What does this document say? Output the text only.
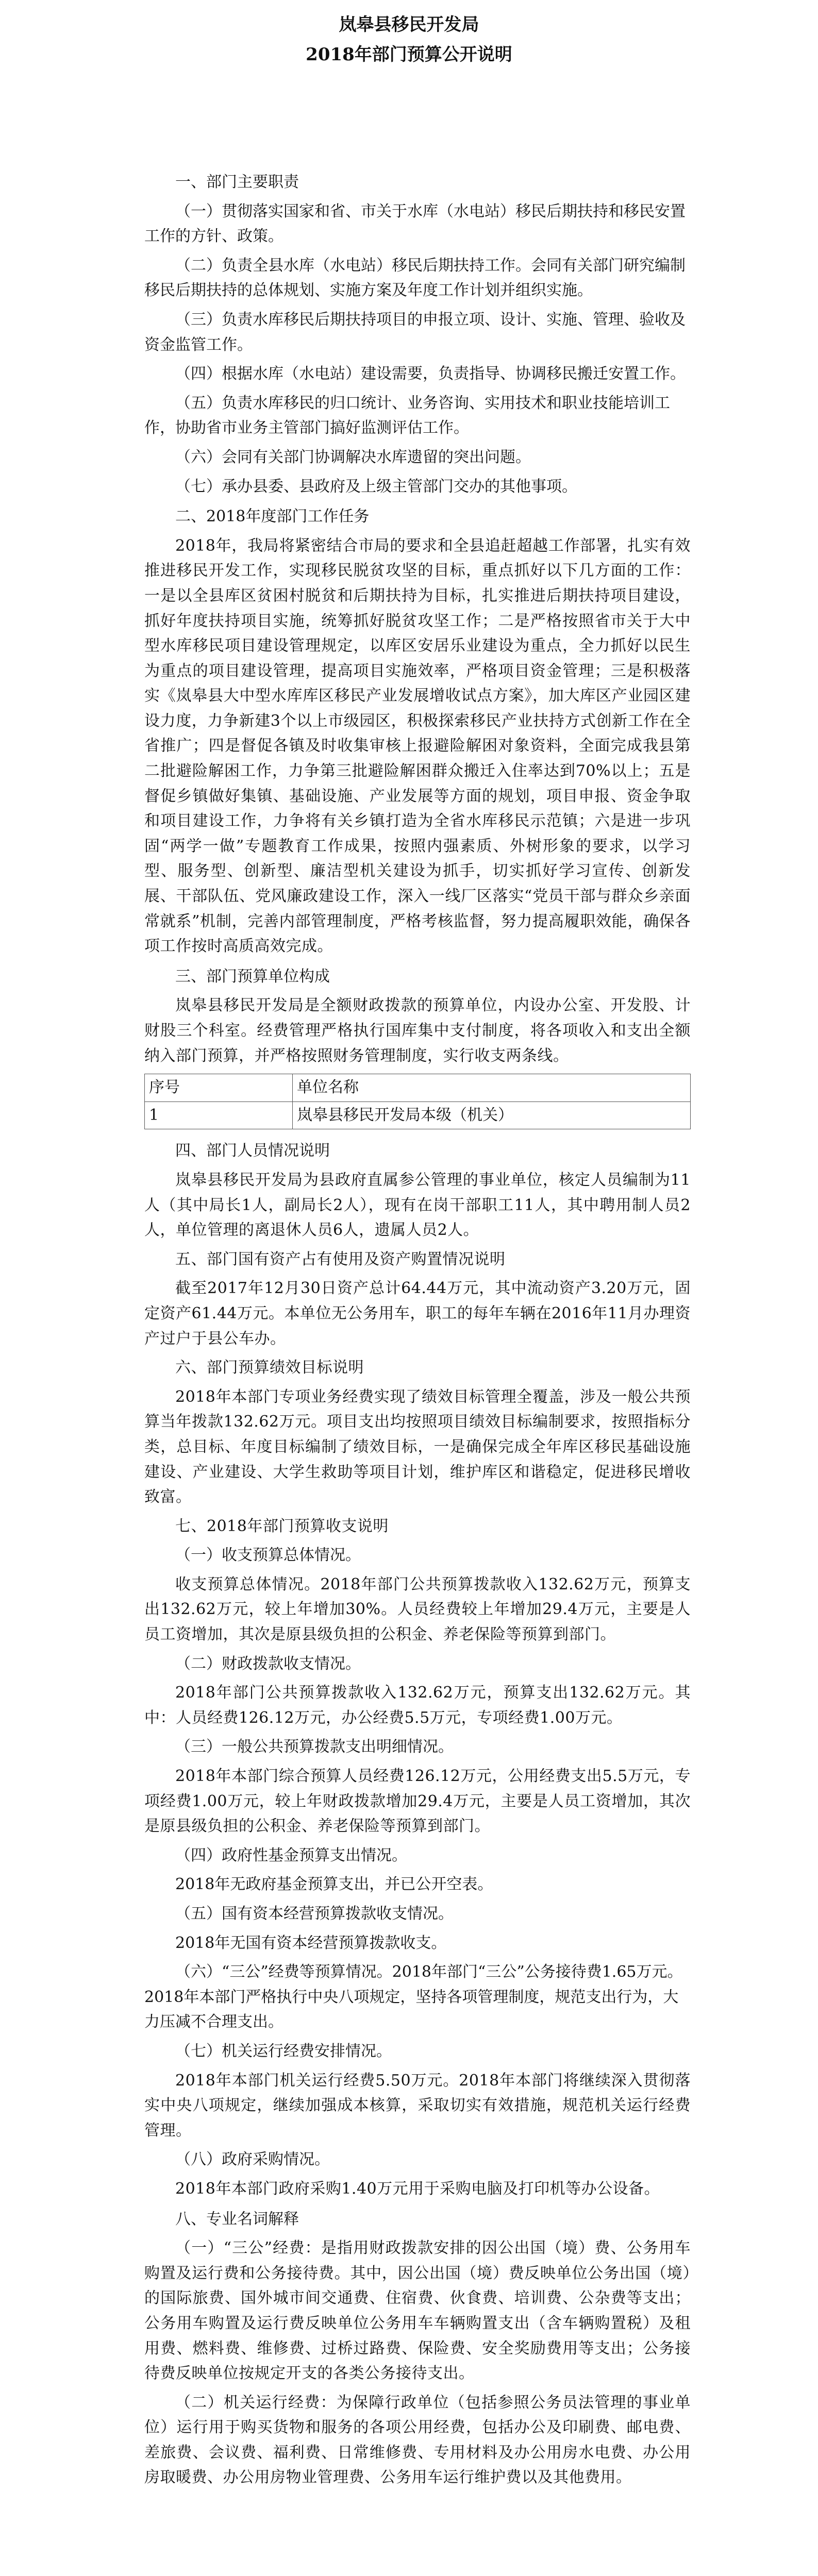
岚皋县移民开发局
2018年部门预算公开说明

一、部门主要职责

（一）贯彻落实国家和省、市关于水库（水电站）移民后期扶持和移民安置工作的方针、政策。

（二）负责全县水库（水电站）移民后期扶持工作。会同有关部门研究编制移民后期扶持的总体规划、实施方案及年度工作计划并组织实施。

（三）负责水库移民后期扶持项目的申报立项、设计、实施、管理、验收及资金监管工作。

（四）根据水库（水电站）建设需要，负责指导、协调移民搬迁安置工作。

（五）负责水库移民的归口统计、业务咨询、实用技术和职业技能培训工作，协助省市业务主管部门搞好监测评估工作。

（六）会同有关部门协调解决水库遗留的突出问题。

（七）承办县委、县政府及上级主管部门交办的其他事项。

二、2018年度部门工作任务

2018年，我局将紧密结合市局的要求和全县追赶超越工作部署，扎实有效推进移民开发工作，实现移民脱贫攻坚的目标，重点抓好以下几方面的工作：一是以全县库区贫困村脱贫和后期扶持为目标，扎实推进后期扶持项目建设，抓好年度扶持项目实施，统筹抓好脱贫攻坚工作；二是严格按照省市关于大中型水库移民项目建设管理规定，以库区安居乐业建设为重点，全力抓好以民生为重点的项目建设管理，提高项目实施效率，严格项目资金管理；三是积极落实《岚皋县大中型水库库区移民产业发展增收试点方案》，加大库区产业园区建设力度，力争新建3个以上市级园区，积极探索移民产业扶持方式创新工作在全省推广；四是督促各镇及时收集审核上报避险解困对象资料，全面完成我县第二批避险解困工作，力争第三批避险解困群众搬迁入住率达到70%以上；五是督促乡镇做好集镇、基础设施、产业发展等方面的规划，项目申报、资金争取和项目建设工作，力争将有关乡镇打造为全省水库移民示范镇；六是进一步巩固“两学一做”专题教育工作成果，按照内强素质、外树形象的要求，以学习型、服务型、创新型、廉洁型机关建设为抓手，切实抓好学习宣传、创新发展、干部队伍、党风廉政建设工作，深入一线厂区落实“党员干部与群众乡亲面常就系”机制，完善内部管理制度，严格考核监督，努力提高履职效能，确保各项工作按时高质高效完成。

三、部门预算单位构成

岚皋县移民开发局是全额财政拨款的预算单位，内设办公室、开发股、计财股三个科室。经费管理严格执行国库集中支付制度，将各项收入和支出全额纳入部门预算，并严格按照财务管理制度，实行收支两条线。

序号	单位名称
1	岚皋县移民开发局本级（机关）

四、部门人员情况说明

岚皋县移民开发局为县政府直属参公管理的事业单位，核定人员编制为11人（其中局长1人，副局长2人），现有在岗干部职工11人，其中聘用制人员2人，单位管理的离退休人员6人，遗属人员2人。

五、部门国有资产占有使用及资产购置情况说明

截至2017年12月30日资产总计64.44万元，其中流动资产3.20万元，固定资产61.44万元。本单位无公务用车，职工的每年车辆在2016年11月办理资产过户于县公车办。

六、部门预算绩效目标说明

2018年本部门专项业务经费实现了绩效目标管理全覆盖，涉及一般公共预算当年拨款132.62万元。项目支出均按照项目绩效目标编制要求，按照指标分类，总目标、年度目标编制了绩效目标，一是确保完成全年库区移民基础设施建设、产业建设、大学生救助等项目计划，维护库区和谐稳定，促进移民增收致富。

七、2018年部门预算收支说明

（一）收支预算总体情况。

收支预算总体情况。2018年部门公共预算拨款收入132.62万元，预算支出132.62万元，较上年增加30%。人员经费较上年增加29.4万元，主要是人员工资增加，其次是原县级负担的公积金、养老保险等预算到部门。

（二）财政拨款收支情况。

2018年部门公共预算拨款收入132.62万元，预算支出132.62万元。其中：人员经费126.12万元，办公经费5.5万元，专项经费1.00万元。

（三）一般公共预算拨款支出明细情况。

2018年本部门综合预算人员经费126.12万元，公用经费支出5.5万元，专项经费1.00万元，较上年财政拨款增加29.4万元，主要是人员工资增加，其次是原县级负担的公积金、养老保险等预算到部门。

（四）政府性基金预算支出情况。

2018年无政府基金预算支出，并已公开空表。

（五）国有资本经营预算拨款收支情况。

2018年无国有资本经营预算拨款收支。

（六）“三公”经费等预算情况。2018年部门“三公”公务接待费1.65万元。2018年本部门严格执行中央八项规定，坚持各项管理制度，规范支出行为，大力压减不合理支出。

（七）机关运行经费安排情况。

2018年本部门机关运行经费5.50万元。2018年本部门将继续深入贯彻落实中央八项规定，继续加强成本核算，采取切实有效措施，规范机关运行经费管理。

（八）政府采购情况。

2018年本部门政府采购1.40万元用于采购电脑及打印机等办公设备。

八、专业名词解释

（一）“三公”经费：是指用财政拨款安排的因公出国（境）费、公务用车购置及运行费和公务接待费。其中，因公出国（境）费反映单位公务出国（境）的国际旅费、国外城市间交通费、住宿费、伙食费、培训费、公杂费等支出；公务用车购置及运行费反映单位公务用车车辆购置支出（含车辆购置税）及租用费、燃料费、维修费、过桥过路费、保险费、安全奖励费用等支出；公务接待费反映单位按规定开支的各类公务接待支出。

（二）机关运行经费：为保障行政单位（包括参照公务员法管理的事业单位）运行用于购买货物和服务的各项公用经费，包括办公及印刷费、邮电费、差旅费、会议费、福利费、日常维修费、专用材料及办公用房水电费、办公用房取暖费、办公用房物业管理费、公务用车运行维护费以及其他费用。
